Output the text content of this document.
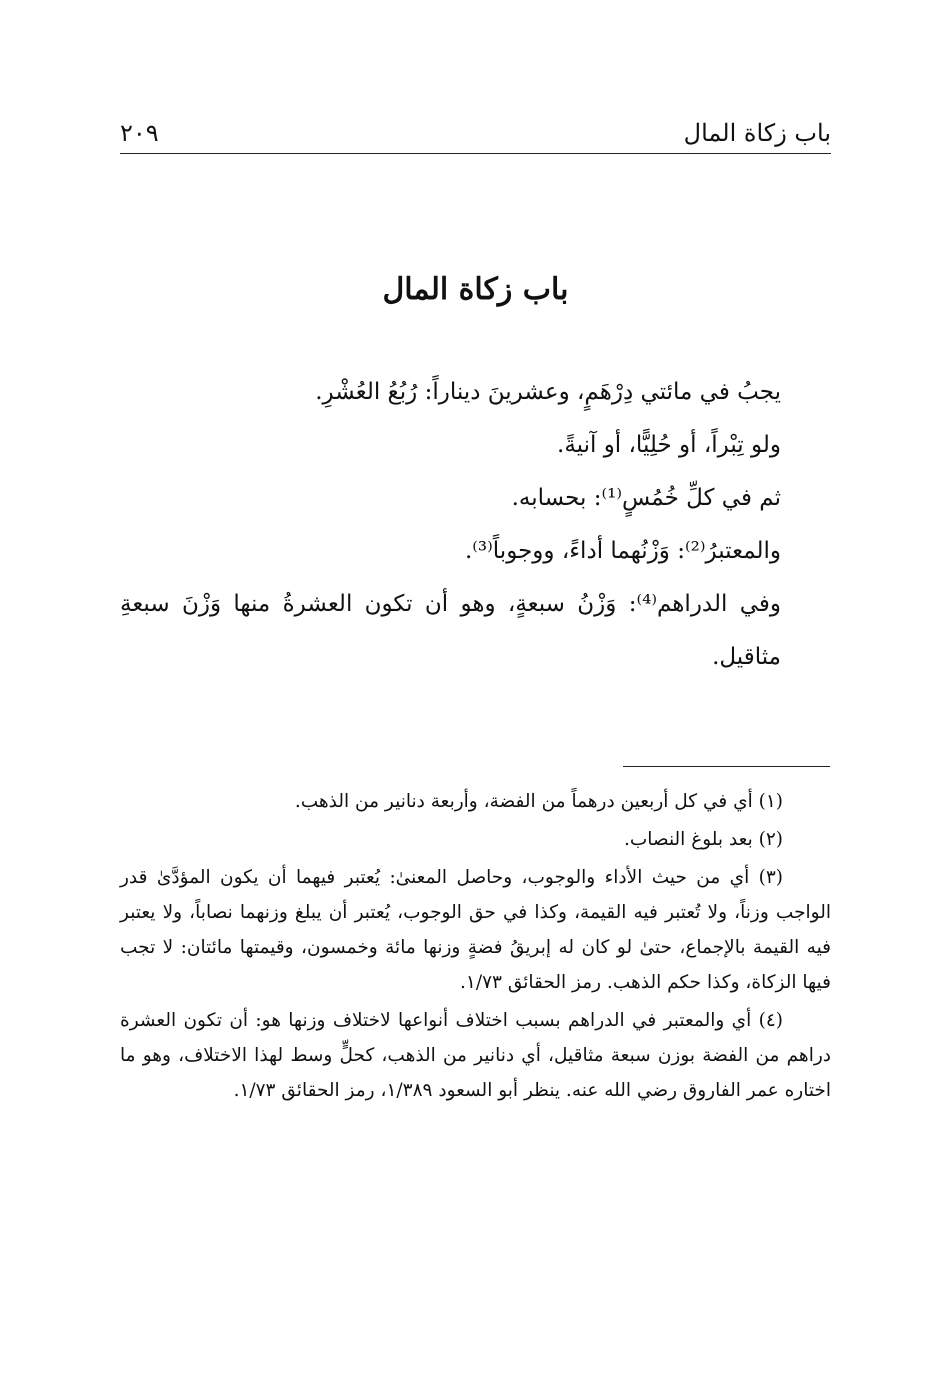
باب زكاة المال
٢٠٩
باب زكاة المال

يجبُ في مائتي دِرْهَمٍ، وعشرينَ ديناراً: رُبُعُ العُشْرِ.

ولو تِبْراً، أو حُلِيًّا، أو آنيةً.

ثم في كلِّ خُمُسٍ⁽¹⁾: بحسابه.

والمعتبرُ⁽²⁾: وَزْنُهما أداءً، ووجوباً⁽³⁾.

وفي الدراهم⁽⁴⁾: وَزْنُ سبعةٍ، وهو أن تكون العشرةُ منها وَزْنَ سبعةِ مثاقيل.

(١) أي في كل أربعين درهماً من الفضة، وأربعة دنانير من الذهب.

(٢) بعد بلوغ النصاب.

(٣) أي من حيث الأداء والوجوب، وحاصل المعنىٰ: يُعتبر فيهما أن يكون المؤدَّىٰ قدر الواجب وزناً، ولا تُعتبر فيه القيمة، وكذا في حق الوجوب، يُعتبر أن يبلغ وزنهما نصاباً، ولا يعتبر فيه القيمة بالإجماع، حتىٰ لو كان له إبريقُ فضةٍ وزنها مائة وخمسون، وقيمتها مائتان: لا تجب فيها الزكاة، وكذا حكم الذهب. رمز الحقائق ١/٧٣.

(٤) أي والمعتبر في الدراهم بسبب اختلاف أنواعها لاختلاف وزنها هو: أن تكون العشرة دراهم من الفضة بوزن سبعة مثاقيل، أي دنانير من الذهب، كحلٍّ وسط لهذا الاختلاف، وهو ما اختاره عمر الفاروق رضي الله عنه. ينظر أبو السعود ١/٣٨٩، رمز الحقائق ١/٧٣.
